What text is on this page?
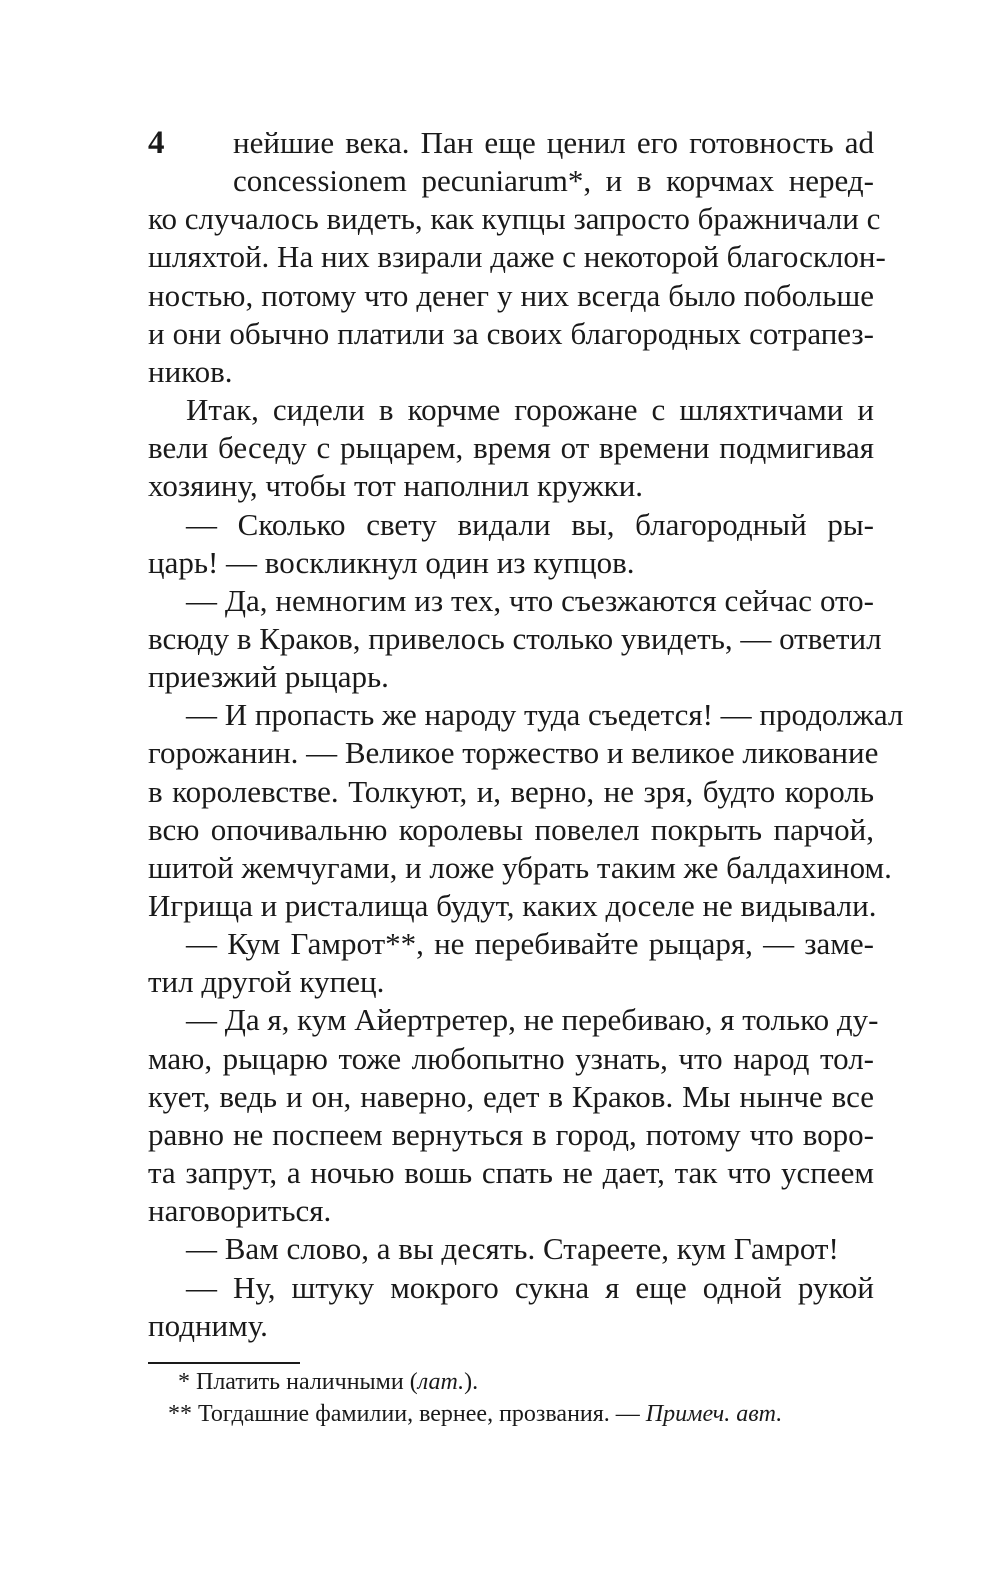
4 нейшие века. Пан еще ценил его готовность ad
concessionem pecuniarum*, и в корчмах неред-
ко случалось видеть, как купцы запросто бражничали с
шляхтой. На них взирали даже с некоторой благосклон-
ностью, потому что денег у них всегда было побольше
и они обычно платили за своих благородных сотрапез-
ников.
Итак, сидели в корчме горожане с шляхтичами и
вели беседу с рыцарем, время от времени подмигивая
хозяину, чтобы тот наполнил кружки.
— Сколько свету видали вы, благородный ры-
царь! — воскликнул один из купцов.
— Да, немногим из тех, что съезжаются сейчас ото-
всюду в Краков, привелось столько увидеть, — ответил
приезжий рыцарь.
— И пропасть же народу туда съедется! — продолжал
горожанин. — Великое торжество и великое ликование
в королевстве. Толкуют, и, верно, не зря, будто король
всю опочивальню королевы повелел покрыть парчой,
шитой жемчугами, и ложе убрать таким же балдахином.
Игрища и ристалища будут, каких доселе не видывали.
— Кум Гамрот**, не перебивайте рыцаря, — заме-
тил другой купец.
— Да я, кум Айертретер, не перебиваю, я только ду-
маю, рыцарю тоже любопытно узнать, что народ тол-
кует, ведь и он, наверно, едет в Краков. Мы нынче все
равно не поспеем вернуться в город, потому что воро-
та запрут, а ночью вошь спать не дает, так что успеем
наговориться.
— Вам слово, а вы десять. Стареете, кум Гамрот!
— Ну, штуку мокрого сукна я еще одной рукой
подниму.
* Платить наличными (лат.).
** Тогдашние фамилии, вернее, прозвания. — Примеч. авт.
